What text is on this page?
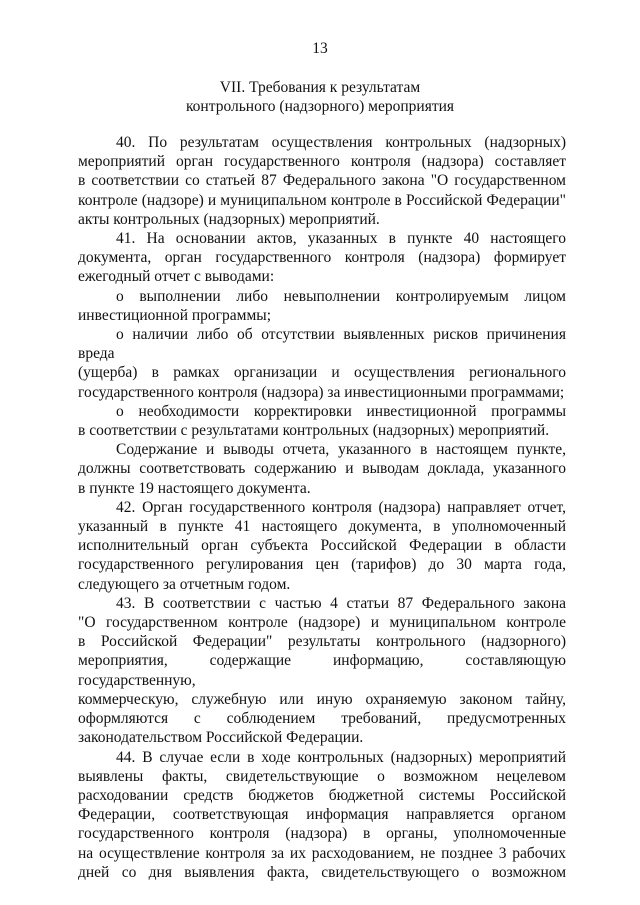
13
VII. Требования к результатам
контрольного (надзорного) мероприятия
40. По результатам осуществления контрольных (надзорных)
мероприятий орган государственного контроля (надзора) составляет
в соответствии со статьей 87 Федерального закона "О государственном
контроле (надзоре) и муниципальном контроле в Российской Федерации"
акты контрольных (надзорных) мероприятий.
41. На основании актов, указанных в пункте 40 настоящего
документа, орган государственного контроля (надзора) формирует
ежегодный отчет с выводами:
о выполнении либо невыполнении контролируемым лицом
инвестиционной программы;
о наличии либо об отсутствии выявленных рисков причинения вреда
(ущерба) в рамках организации и осуществления регионального
государственного контроля (надзора) за инвестиционными программами;
о необходимости корректировки инвестиционной программы
в соответствии с результатами контрольных (надзорных) мероприятий.
Содержание и выводы отчета, указанного в настоящем пункте,
должны соответствовать содержанию и выводам доклада, указанного
в пункте 19 настоящего документа.
42. Орган государственного контроля (надзора) направляет отчет,
указанный в пункте 41 настоящего документа, в уполномоченный
исполнительный орган субъекта Российской Федерации в области
государственного регулирования цен (тарифов) до 30 марта года,
следующего за отчетным годом.
43. В соответствии с частью 4 статьи 87 Федерального закона
"О государственном контроле (надзоре) и муниципальном контроле
в Российской Федерации" результаты контрольного (надзорного)
мероприятия, содержащие информацию, составляющую государственную,
коммерческую, служебную или иную охраняемую законом тайну,
оформляются с соблюдением требований, предусмотренных
законодательством Российской Федерации.
44. В случае если в ходе контрольных (надзорных) мероприятий
выявлены факты, свидетельствующие о возможном нецелевом
расходовании средств бюджетов бюджетной системы Российской
Федерации, соответствующая информация направляется органом
государственного контроля (надзора) в органы, уполномоченные
на осуществление контроля за их расходованием, не позднее 3 рабочих
дней со дня выявления факта, свидетельствующего о возможном
